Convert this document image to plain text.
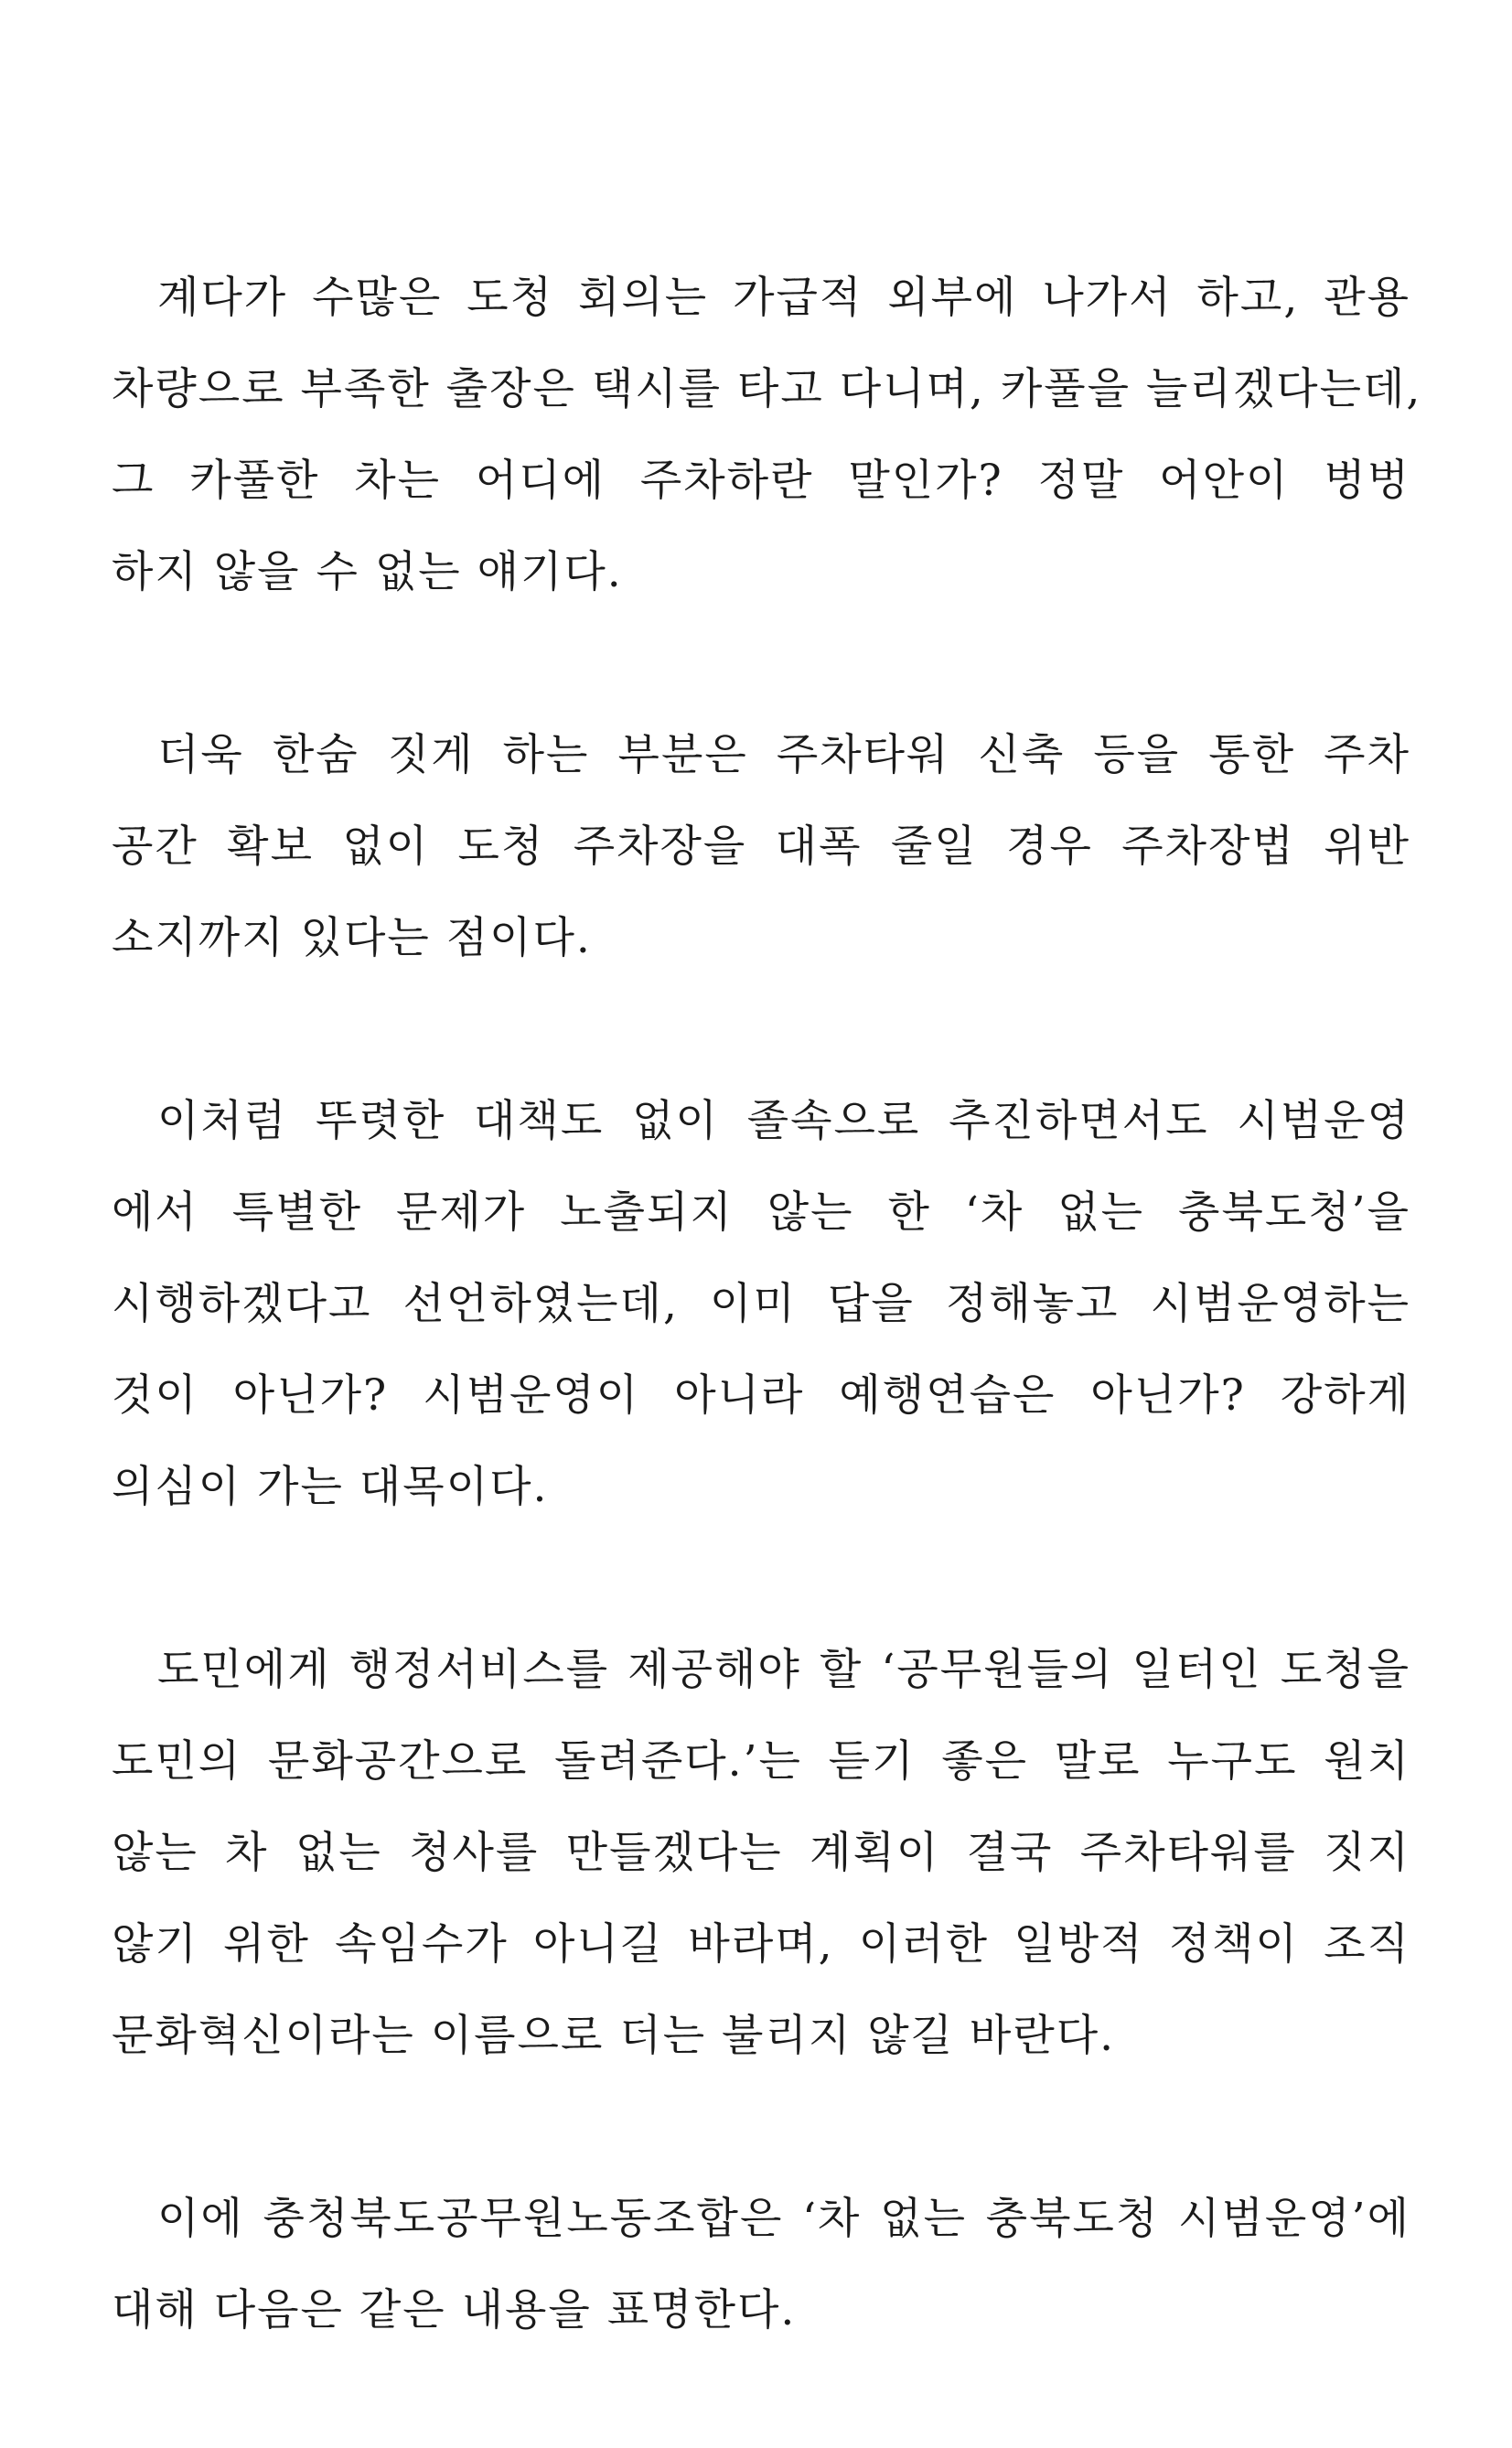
계다가 수많은 도청 회의는 가급적 외부에 나가서 하고, 관용
차량으로 부족한 출장은 택시를 타고 다니며, 카풀을 늘리겠다는데,
그 카풀한 차는 어디에 주차하란 말인가? 정말 어안이 벙벙
하지 않을 수 없는 얘기다.
더욱 한숨 짓게 하는 부분은 주차타워 신축 등을 통한 주차
공간 확보 없이 도청 주차장을 대폭 줄일 경우 주차장법 위반
소지까지 있다는 점이다.
이처럼 뚜렷한 대책도 없이 졸속으로 추진하면서도 시범운영
에서 특별한 문제가 노출되지 않는 한 ‘차 없는 충북도청’을
시행하겠다고 선언하였는데, 이미 답을 정해놓고 시범운영하는
것이 아닌가? 시범운영이 아니라 예행연습은 아닌가? 강하게
의심이 가는 대목이다.
도민에게 행정서비스를 제공해야 할 ‘공무원들의 일터인 도청을
도민의 문화공간으로 돌려준다.’는 듣기 좋은 말로 누구도 원치
않는 차 없는 청사를 만들겠다는 계획이 결국 주차타워를 짓지
않기 위한 속임수가 아니길 바라며, 이러한 일방적 정책이 조직
문화혁신이라는 이름으로 더는 불리지 않길 바란다.
이에 충청북도공무원노동조합은 ‘차 없는 충북도청 시범운영’에
대해 다음은 같은 내용을 표명한다.
